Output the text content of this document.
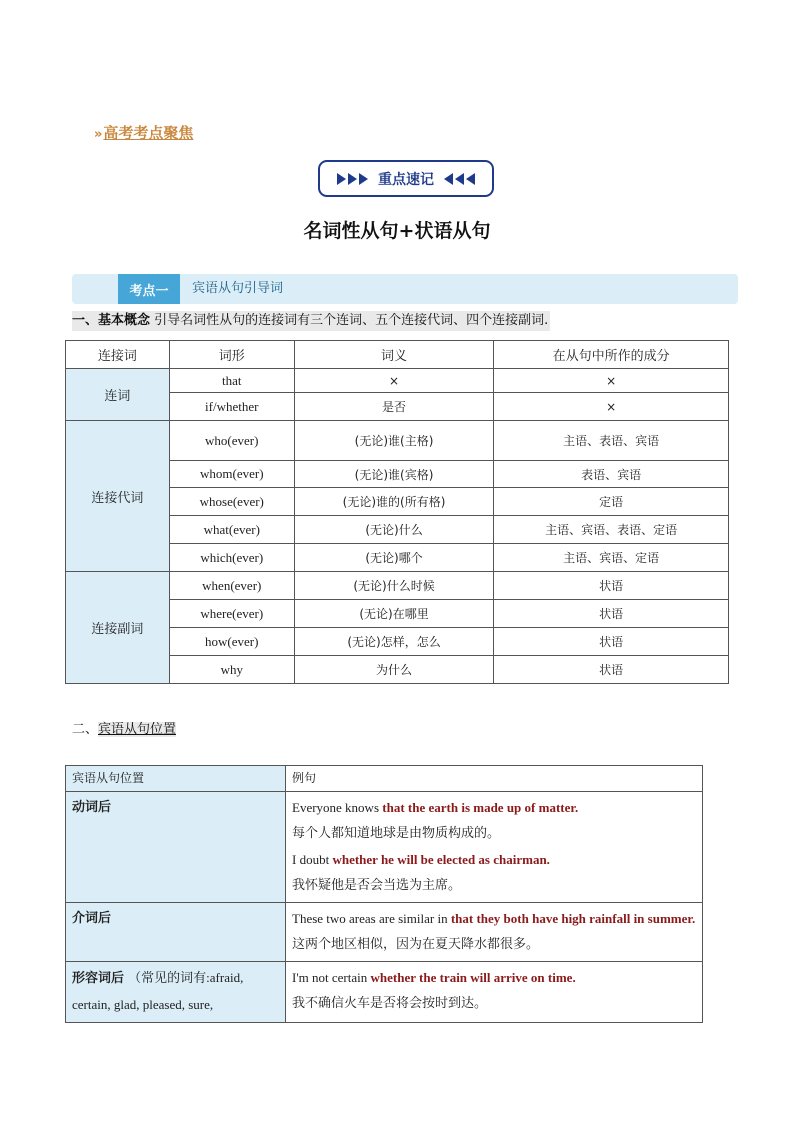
» 高考考点聚焦
重点速记
名词性从句+状语从句
考点一	宾语从句引导词
一、基本概念 引导名词性从句的连接词有三个连词、五个连接代词、四个连接副词.
连接词	词形	词义	在从句中所作的成分
连词	that	×	×
	if/whether	是否	×
连接代词	who(ever)	(无论)谁(主格)	主语、表语、宾语
	whom(ever)	(无论)谁(宾格)	表语、宾语
	whose(ever)	(无论)谁的(所有格)	定语
	what(ever)	(无论)什么	主语、宾语、表语、定语
	which(ever)	(无论)哪个	主语、宾语、定语
连接副词	when(ever)	(无论)什么时候	状语
	where(ever)	(无论)在哪里	状语
	how(ever)	(无论)怎样，怎么	状语
	why	为什么	状语
二、宾语从句位置
宾语从句位置	例句
动词后	Everyone knows that the earth is made up of matter.
每个人都知道地球是由物质构成的。
I doubt whether he will be elected as chairman.
我怀疑他是否会当选为主席。

介词后	These two areas are similar in that they both have high rainfall in summer.
这两个地区相似，因为在夏天降水都很多。

形容词后 （常见的词有:afraid, certain, glad, pleased, sure,	I'm not certain whether the train will arrive on time.
我不确信火车是否将会按时到达。
